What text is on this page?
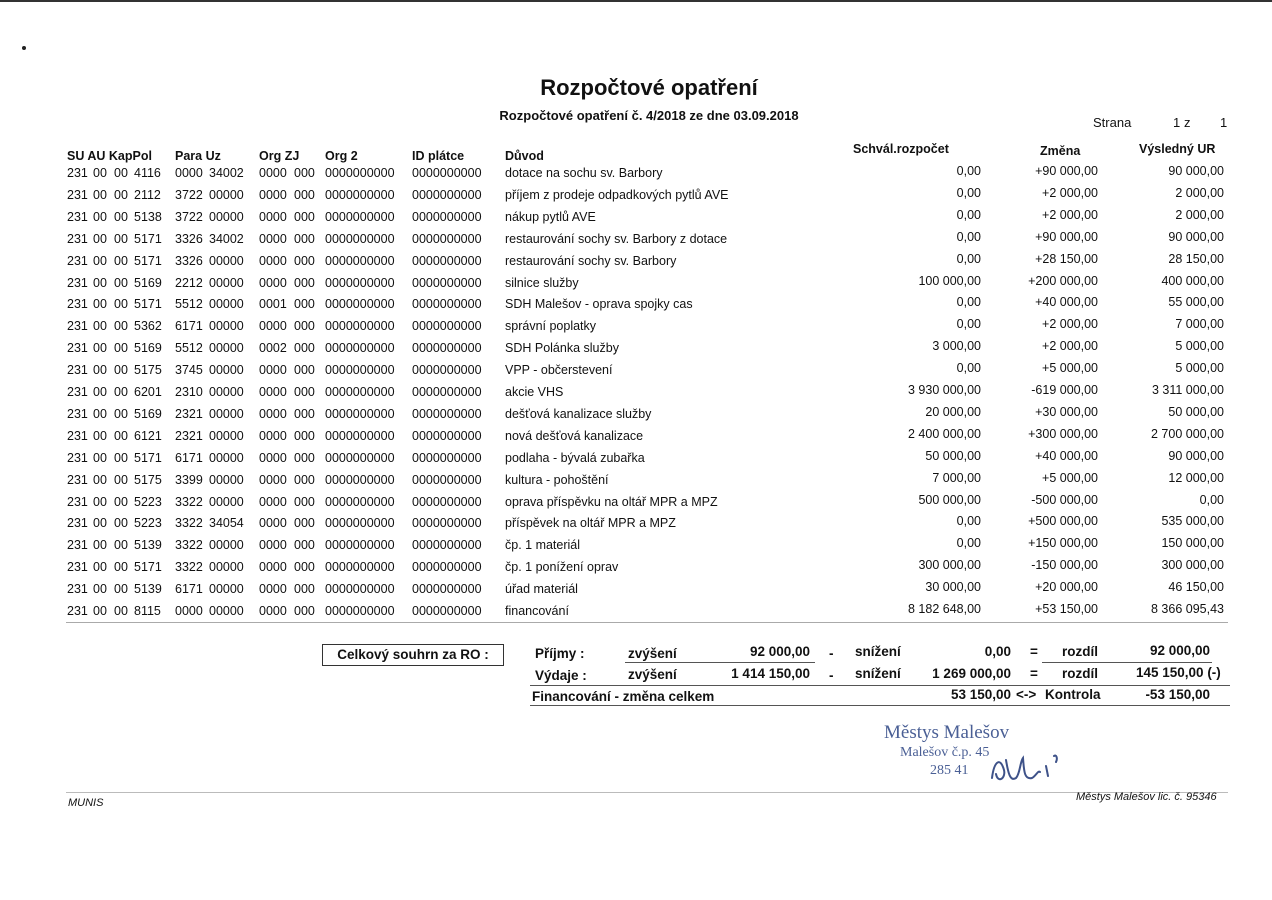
Rozpočtové opatření
Rozpočtové opatření č. 4/2018 ze dne 03.09.2018	Strana	1 z 1
SU AU KapPol Para Uz	Org ZJ Org 2	ID plátce	Důvod	Schvál.rozpočet	Změna	Výsledný UR
231 00 00 4116 0000 34002	0000 000 0000000000	0000000000	dotace na sochu sv. Barbory	0,00	+90 000,00	90 000,00
231 00 00 2112 3722 00000	0000 000 0000000000	0000000000	příjem z prodeje odpadkových pytlů AVE	0,00	+2 000,00	2 000,00
231 00 00 5138 3722 00000	0000 000 0000000000	0000000000	nákup pytlů AVE	0,00	+2 000,00	2 000,00
231 00 00 5171 3326 34002	0000 000 0000000000	0000000000	restaurování sochy sv. Barbory z dotace	0,00	+90 000,00	90 000,00
231 00 00 5171 3326 00000	0000 000 0000000000	0000000000	restaurování sochy sv. Barbory	0,00	+28 150,00	28 150,00
231 00 00 5169 2212 00000	0000 000 0000000000	0000000000	silnice služby	100 000,00	+200 000,00	400 000,00
231 00 00 5171 5512 00000	0001 000 0000000000	0000000000	SDH Malešov - oprava spojky cas	0,00	+40 000,00	55 000,00
231 00 00 5362 6171 00000	0000 000 0000000000	0000000000	správní poplatky	0,00	+2 000,00	7 000,00
231 00 00 5169 5512 00000	0002 000 0000000000	0000000000	SDH Polánka služby	3 000,00	+2 000,00	5 000,00
231 00 00 5175 3745 00000	0000 000 0000000000	0000000000	VPP - občerstevení	0,00	+5 000,00	5 000,00
231 00 00 6201 2310 00000	0000 000 0000000000	0000000000	akcie VHS	3 930 000,00	-619 000,00	3 311 000,00
231 00 00 5169 2321 00000	0000 000 0000000000	0000000000	dešťová kanalizace služby	20 000,00	+30 000,00	50 000,00
231 00 00 6121 2321 00000	0000 000 0000000000	0000000000	nová dešťová kanalizace	2 400 000,00	+300 000,00	2 700 000,00
231 00 00 5171 6171 00000	0000 000 0000000000	0000000000	podlaha - bývalá zubařka	50 000,00	+40 000,00	90 000,00
231 00 00 5175 3399 00000	0000 000 0000000000	0000000000	kultura - pohoštění	7 000,00	+5 000,00	12 000,00
231 00 00 5223 3322 00000	0000 000 0000000000	0000000000	oprava příspěvku na oltář MPR a MPZ	500 000,00	-500 000,00	0,00
231 00 00 5223 3322 34054	0000 000 0000000000	0000000000	příspěvek na oltář MPR a MPZ	0,00	+500 000,00	535 000,00
231 00 00 5139 3322 00000	0000 000 0000000000	0000000000	čp. 1 materiál	0,00	+150 000,00	150 000,00
231 00 00 5171 3322 00000	0000 000 0000000000	0000000000	čp. 1 ponížení oprav	300 000,00	-150 000,00	300 000,00
231 00 00 5139 6171 00000	0000 000 0000000000	0000000000	úřad materiál	30 000,00	+20 000,00	46 150,00
231 00 00 8115 0000 00000	0000 000 0000000000	0000000000	financování	8 182 648,00	+53 150,00	8 366 095,43
Celkový souhrn za RO :	Příjmy :	zvýšení	92 000,00 - snížení	0,00 = rozdíl	92 000,00
Výdaje :	zvýšení	1 414 150,00 - snížení	1 269 000,00 = rozdíl	145 150,00 (-)
Financování - změna celkem	53 150,00 <-> Kontrola	-53 150,00
Městys Malešov
Malešov č.p. 45
285 41
MUNIS	Městys Malešov lic. č. 95346
